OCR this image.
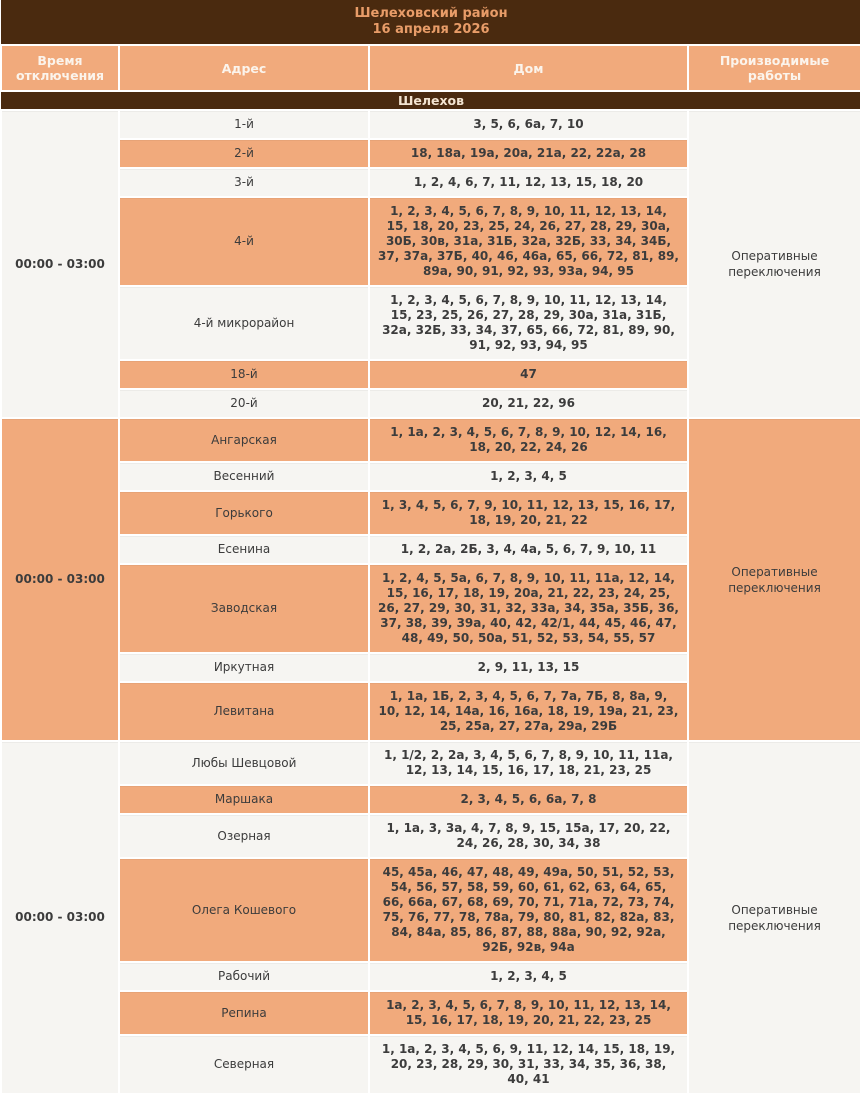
Шелеховский район
16 апреля 2026			

Время отключения	Адрес	Дом	Производимые работы
Шелехов			
00:00 - 03:00	1-й	3, 5, 6, 6а, 7, 10	Оперативные переключения
	2-й	18, 18а, 19а, 20а, 21а, 22, 22а, 28	
	3-й	1, 2, 4, 6, 7, 11, 12, 13, 15, 18, 20	
	4-й	1, 2, 3, 4, 5, 6, 7, 8, 9, 10, 11, 12, 13, 14, 15, 18, 20, 23, 25, 24, 26, 27, 28, 29, 30а, 30Б, 30в, 31а, 31Б, 32а, 32Б, 33, 34, 34Б, 37, 37а, 37Б, 40, 46, 46а, 65, 66, 72, 81, 89, 89а, 90, 91, 92, 93, 93а, 94, 95	
	4-й микрорайон	1, 2, 3, 4, 5, 6, 7, 8, 9, 10, 11, 12, 13, 14, 15, 23, 25, 26, 27, 28, 29, 30а, 31а, 31Б, 32а, 32Б, 33, 34, 37, 65, 66, 72, 81, 89, 90, 91, 92, 93, 94, 95	
	18-й	47	
	20-й	20, 21, 22, 96	
00:00 - 03:00	Ангарская	1, 1а, 2, 3, 4, 5, 6, 7, 8, 9, 10, 12, 14, 16, 18, 20, 22, 24, 26	Оперативные переключения
	Весенний	1, 2, 3, 4, 5	
	Горького	1, 3, 4, 5, 6, 7, 9, 10, 11, 12, 13, 15, 16, 17, 18, 19, 20, 21, 22	
	Есенина	1, 2, 2а, 2Б, 3, 4, 4а, 5, 6, 7, 9, 10, 11	
	Заводская	1, 2, 4, 5, 5а, 6, 7, 8, 9, 10, 11, 11а, 12, 14, 15, 16, 17, 18, 19, 20а, 21, 22, 23, 24, 25, 26, 27, 29, 30, 31, 32, 33а, 34, 35а, 35Б, 36, 37, 38, 39, 39а, 40, 42, 42/1, 44, 45, 46, 47, 48, 49, 50, 50а, 51, 52, 53, 54, 55, 57	
	Иркутная	2, 9, 11, 13, 15	
	Левитана	1, 1а, 1Б, 2, 3, 4, 5, 6, 7, 7а, 7Б, 8, 8а, 9, 10, 12, 14, 14а, 16, 16а, 18, 19, 19а, 21, 23, 25, 25а, 27, 27а, 29а, 29Б	
00:00 - 03:00	Любы Шевцовой	1, 1/2, 2, 2а, 3, 4, 5, 6, 7, 8, 9, 10, 11, 11а, 12, 13, 14, 15, 16, 17, 18, 21, 23, 25	Оперативные переключения
	Маршака	2, 3, 4, 5, 6, 6а, 7, 8	
	Озерная	1, 1а, 3, 3а, 4, 7, 8, 9, 15, 15а, 17, 20, 22, 24, 26, 28, 30, 34, 38	
	Олега Кошевого	45, 45а, 46, 47, 48, 49, 49а, 50, 51, 52, 53, 54, 56, 57, 58, 59, 60, 61, 62, 63, 64, 65, 66, 66а, 67, 68, 69, 70, 71, 71а, 72, 73, 74, 75, 76, 77, 78, 78а, 79, 80, 81, 82, 82а, 83, 84, 84а, 85, 86, 87, 88, 88а, 90, 92, 92а, 92Б, 92в, 94а	
	Рабочий	1, 2, 3, 4, 5	
	Репина	1а, 2, 3, 4, 5, 6, 7, 8, 9, 10, 11, 12, 13, 14, 15, 16, 17, 18, 19, 20, 21, 22, 23, 25	
	Северная	1, 1а, 2, 3, 4, 5, 6, 9, 11, 12, 14, 15, 18, 19, 20, 23, 28, 29, 30, 31, 33, 34, 35, 36, 38, 40, 41	
